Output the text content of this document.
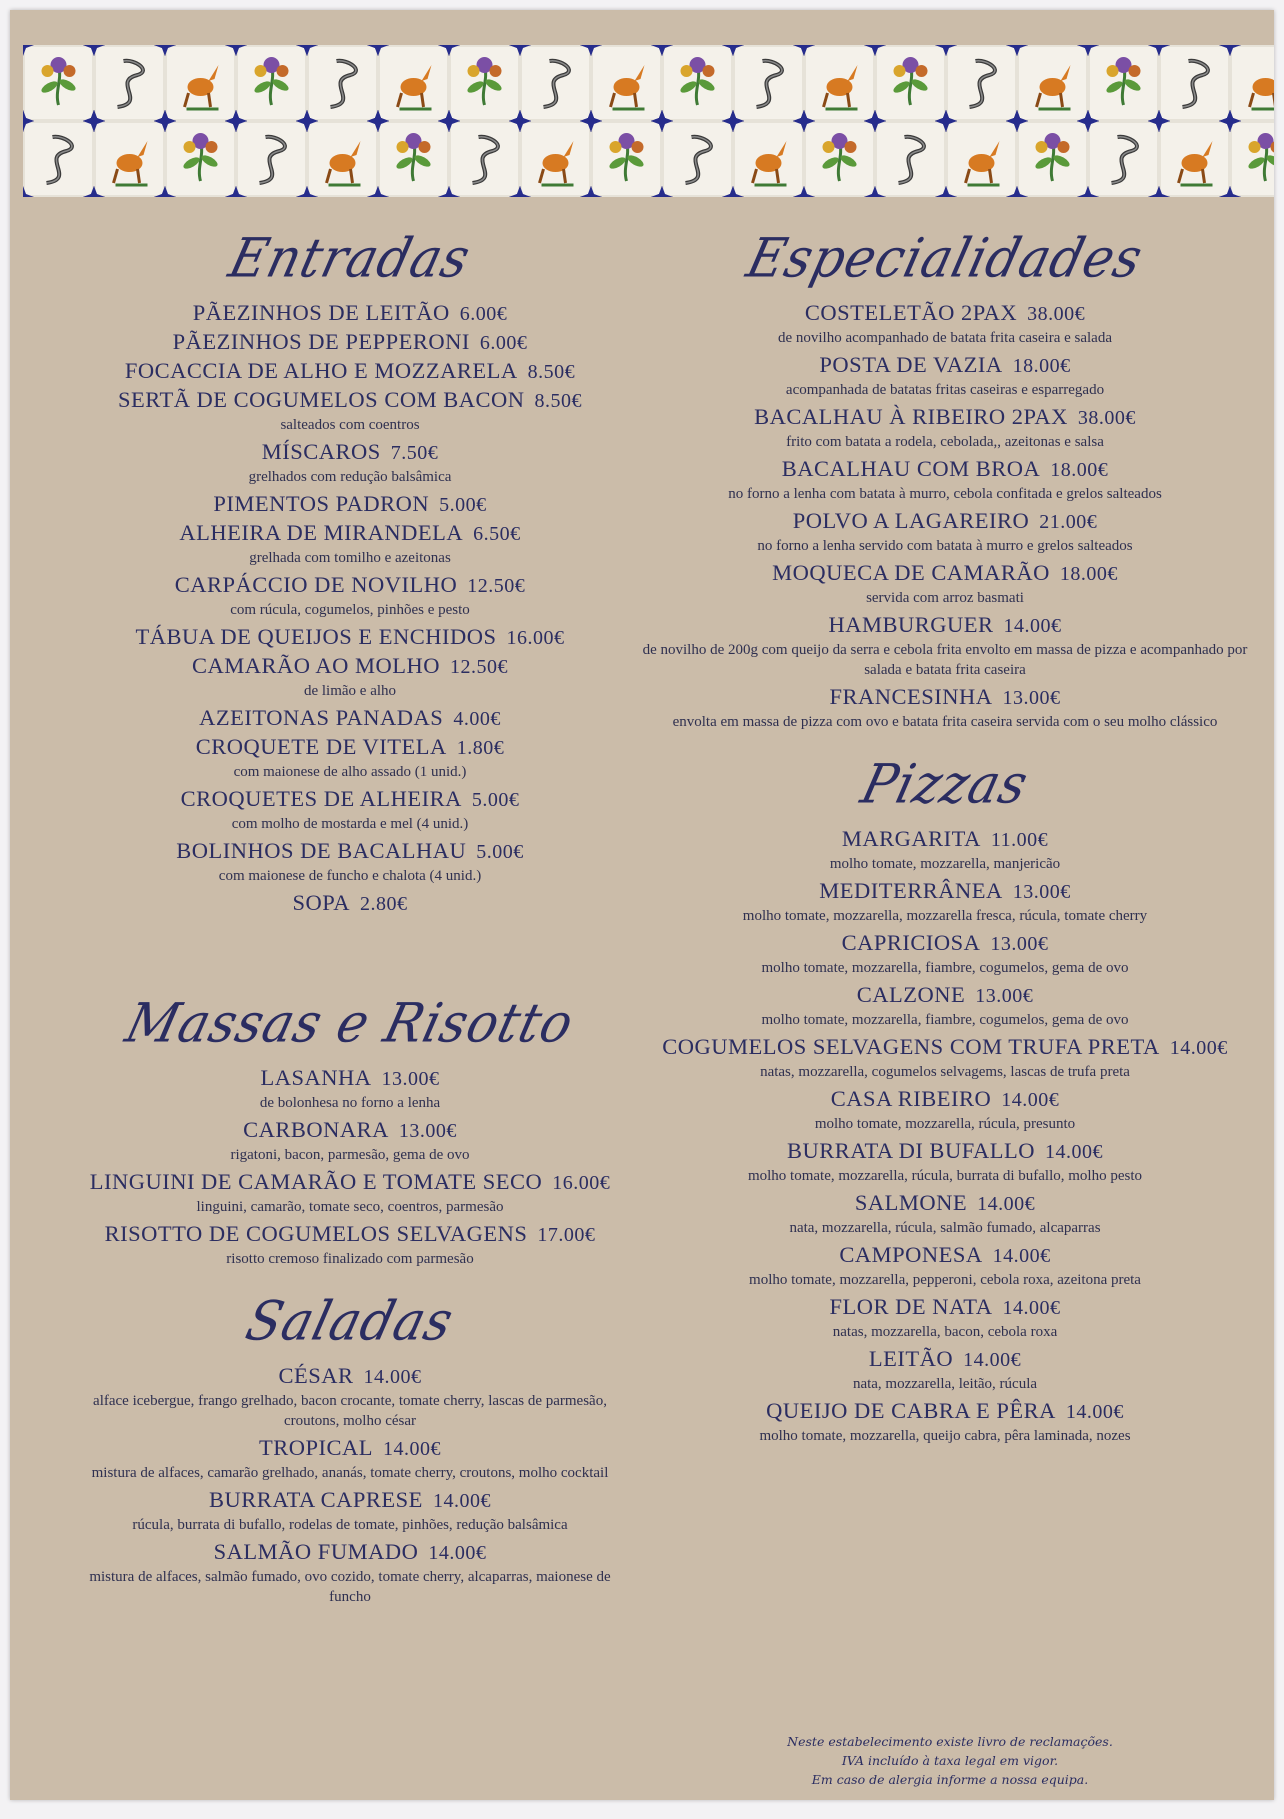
Entradas
PÃEZINHOS DE LEITÃO 6.00€
PÃEZINHOS DE PEPPERONI 6.00€
FOCACCIA DE ALHO E MOZZARELA 8.50€
SERTÃ DE COGUMELOS COM BACON 8.50€
salteados com coentros
MÍSCAROS 7.50€
grelhados com redução balsâmica
PIMENTOS PADRON 5.00€
ALHEIRA DE MIRANDELA 6.50€
grelhada com tomilho e azeitonas
CARPÁCCIO DE NOVILHO 12.50€
com rúcula, cogumelos, pinhões e pesto
TÁBUA DE QUEIJOS E ENCHIDOS 16.00€
CAMARÃO AO MOLHO 12.50€
de limão e alho
AZEITONAS PANADAS 4.00€
CROQUETE DE VITELA 1.80€
com maionese de alho assado (1 unid.)
CROQUETES DE ALHEIRA 5.00€
com molho de mostarda e mel (4 unid.)
BOLINHOS DE BACALHAU 5.00€
com maionese de funcho e chalota (4 unid.)
SOPA 2.80€
Massas e Risotto
LASANHA 13.00€
de bolonhesa no forno a lenha
CARBONARA 13.00€
rigatoni, bacon, parmesão, gema de ovo
LINGUINI DE CAMARÃO E TOMATE SECO 16.00€
linguini, camarão, tomate seco, coentros, parmesão
RISOTTO DE COGUMELOS SELVAGENS 17.00€
risotto cremoso finalizado com parmesão
Saladas
CÉSAR 14.00€
alface icebergue, frango grelhado, bacon crocante, tomate cherry, lascas de parmesão, croutons, molho césar
TROPICAL 14.00€
mistura de alfaces, camarão grelhado, ananás, tomate cherry, croutons, molho cocktail
BURRATA CAPRESE 14.00€
rúcula, burrata di bufallo, rodelas de tomate, pinhões, redução balsâmica
SALMÃO FUMADO 14.00€
mistura de alfaces, salmão fumado, ovo cozido, tomate cherry, alcaparras, maionese de funcho
Especialidades
COSTELETÃO 2PAX 38.00€
de novilho acompanhado de batata frita caseira e salada
POSTA DE VAZIA 18.00€
acompanhada de batatas fritas caseiras e esparregado
BACALHAU À RIBEIRO 2PAX 38.00€
frito com batata a rodela, cebolada,, azeitonas e salsa
BACALHAU COM BROA 18.00€
no forno a lenha com batata à murro, cebola confitada e grelos salteados
POLVO A LAGAREIRO 21.00€
no forno a lenha servido com batata à murro e grelos salteados
MOQUECA DE CAMARÃO 18.00€
servida com arroz basmati
HAMBURGUER 14.00€
de novilho de 200g com queijo da serra e cebola frita envolto em massa de pizza e acompanhado por salada e batata frita caseira
FRANCESINHA 13.00€
envolta em massa de pizza com ovo e batata frita caseira servida com o seu molho clássico
Pizzas
MARGARITA 11.00€
molho tomate, mozzarella, manjericão
MEDITERRÂNEA 13.00€
molho tomate, mozzarella, mozzarella fresca, rúcula, tomate cherry
CAPRICIOSA 13.00€
molho tomate, mozzarella, fiambre, cogumelos, gema de ovo
CALZONE 13.00€
molho tomate, mozzarella, fiambre, cogumelos, gema de ovo
COGUMELOS SELVAGENS COM TRUFA PRETA 14.00€
natas, mozzarella, cogumelos selvagems, lascas de trufa preta
CASA RIBEIRO 14.00€
molho tomate, mozzarella, rúcula, presunto
BURRATA DI BUFALLO 14.00€
molho tomate, mozzarella, rúcula, burrata di bufallo, molho pesto
SALMONE 14.00€
nata, mozzarella, rúcula, salmão fumado, alcaparras
CAMPONESA 14.00€
molho tomate, mozzarella, pepperoni, cebola roxa, azeitona preta
FLOR DE NATA 14.00€
natas, mozzarella, bacon, cebola roxa
LEITÃO 14.00€
nata, mozzarella, leitão, rúcula
QUEIJO DE CABRA E PÊRA 14.00€
molho tomate, mozzarella, queijo cabra, pêra laminada, nozes
Neste estabelecimento existe livro de reclamações.
IVA incluído à taxa legal em vigor.
Em caso de alergia informe a nossa equipa.
